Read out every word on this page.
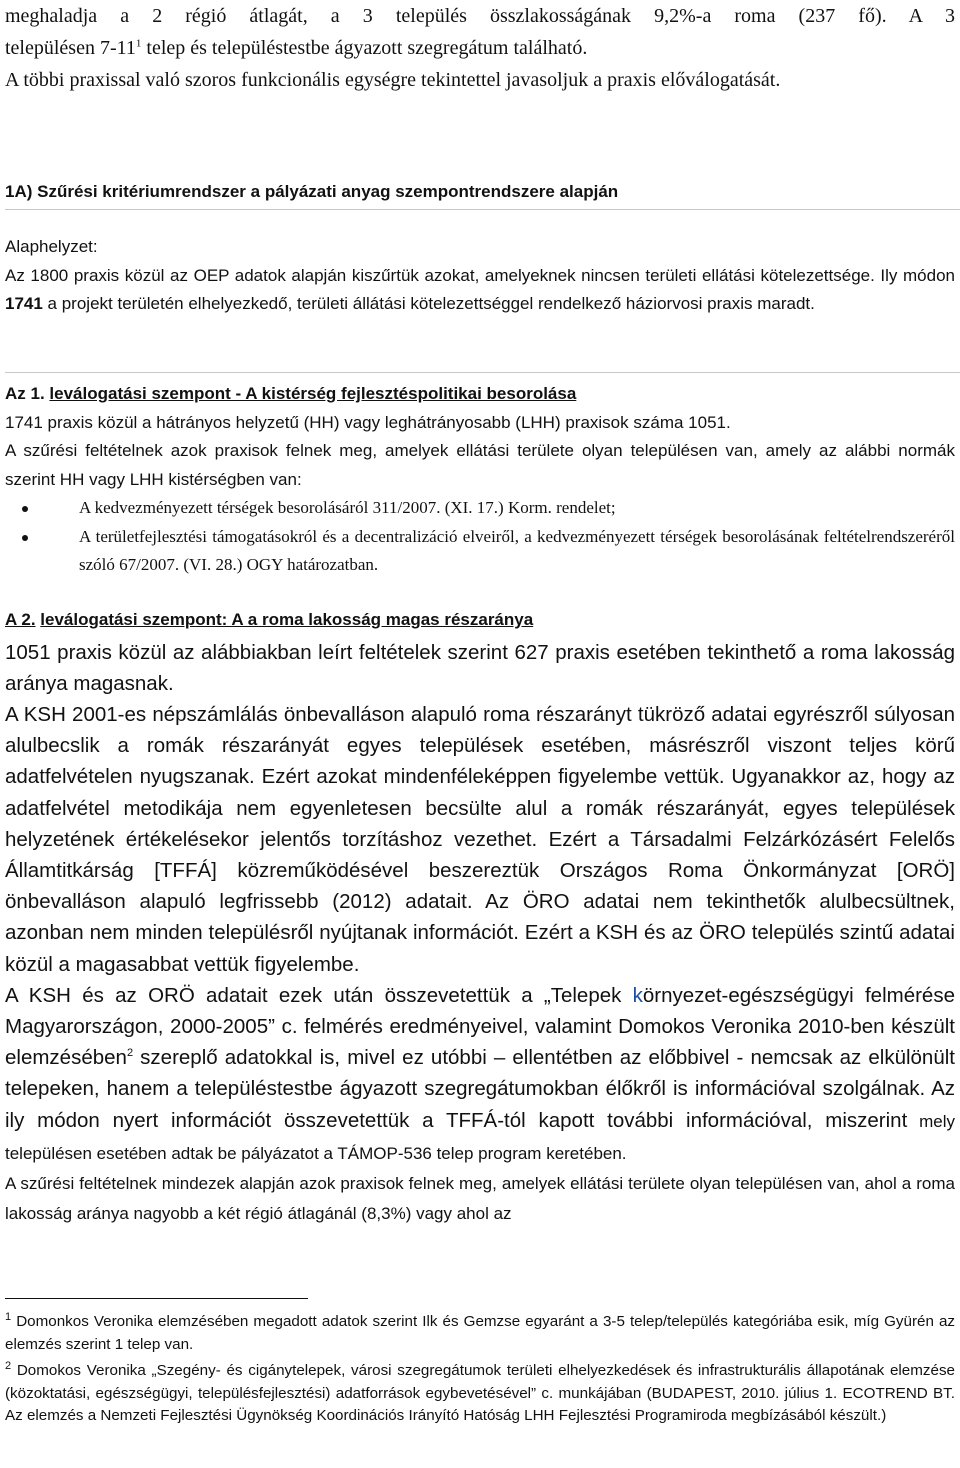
meghaladja a 2 régió átlagát, a 3 település összlakosságának 9,2%-a roma (237 fő). A 3

településen $7-11^1$ telep és településtestbe ágyazott szegregátum található.

A többi praxissal való szoros funkcionális egységre tekintettel javasoljuk a praxis előválogatását.

1A) Szűrési kritériumrendszer a pályázati anyag szempontrendszere alapján

Alaphelyzet:

Az 1800 praxis közül az OEP adatok alapján kiszűrtük azokat, amelyeknek nincsen területi ellátási kötelezettsége. Ily módon 1741 a projekt területén elhelyezkedő, területi állátási kötelezettséggel rendelkező háziorvosi praxis maradt.

Az 1. leválogatási szempont - A kistérség fejlesztéspolitikai besorolása

1741 praxis közül a hátrányos helyzetű (HH) vagy leghátrányosabb (LHH) praxisok száma 1051.

A szűrési feltételnek azok praxisok felnek meg, amelyek ellátási területe olyan településen van, amely az alábbi normák szerint HH vagy LHH kistérségben van:

A kedvezményezett térségek besorolásáról 311/2007. (XI. 17.) Korm. rendelet;
A területfejlesztési támogatásokról és a decentralizáció elveiről, a kedvezményezett térségek besorolásának feltételrendszeréről szóló 67/2007. (VI. 28.) OGY határozatban.

A 2. leválogatási szempont: A a roma lakosság magas részaránya

1051 praxis közül az alábbiakban leírt feltételek szerint 627 praxis esetében tekinthető a roma lakosság aránya magasnak.

A KSH 2001-es népszámlálás önbevalláson alapuló roma részarányt tükröző adatai egyrészről súlyosan alulbecslik a romák részarányát egyes települések esetében, másrészről viszont teljes körű adatfelvételen nyugszanak. Ezért azokat mindenféleképpen figyelembe vettük. Ugyanakkor az, hogy az adatfelvétel metodikája nem egyenletesen becsülte alul a romák részarányát, egyes települések helyzetének értékelésekor jelentős torzításhoz vezethet. Ezért a Társadalmi Felzárkózásért Felelős Államtitkárság [TFFÁ] közreműködésével beszereztük Országos Roma Önkormányzat [ORÖ] önbevalláson alapuló legfrissebb (2012) adatait. Az ÖRO adatai nem tekinthetők alulbecsültnek, azonban nem minden településről nyújtanak információt. Ezért a KSH és az ÖRO település szintű adatai közül a magasabbat vettük figyelembe.

A KSH és az ORÖ adatait ezek után összevetettük a „Telepek környezet-egészségügyi felmérése Magyarországon, 2000-2005” c. felmérés eredményeivel, valamint Domokos Veronika 2010-ben készült elemzésében$^2$ szereplő adatokkal is, mivel ez utóbbi – ellentétben az előbbivel - nemcsak az elkülönült telepeken, hanem a településtestbe ágyazott szegregátumokban élőkről is információval szolgálnak. Az ily módon nyert információt összevetettük a TFFÁ-tól kapott további információval, miszerint mely településen esetében adtak be pályázatot a TÁMOP-536 telep program keretében.

A szűrési feltételnek mindezek alapján azok praxisok felnek meg, amelyek ellátási területe olyan településen van, ahol a roma lakosság aránya nagyobb a két régió átlagánál (8,3%) vagy ahol az

$^1$ Domonkos Veronika elemzésében megadott adatok szerint Ilk és Gemzse egyaránt a 3-5 telep/település kategóriába esik, míg Gyürén az elemzés szerint 1 telep van.

$^2$ Domokos Veronika „Szegény- és cigánytelepek, városi szegregátumok területi elhelyezkedések és infrastrukturális állapotának elemzése (közoktatási, egészségügyi, településfejlesztési) adatforrások egybevetésével” c. munkájában (BUDAPEST, 2010. július 1. ECOTREND BT. Az elemzés a Nemzeti Fejlesztési Ügynökség Koordinációs Irányító Hatóság LHH Fejlesztési Programiroda megbízásából készült.)
